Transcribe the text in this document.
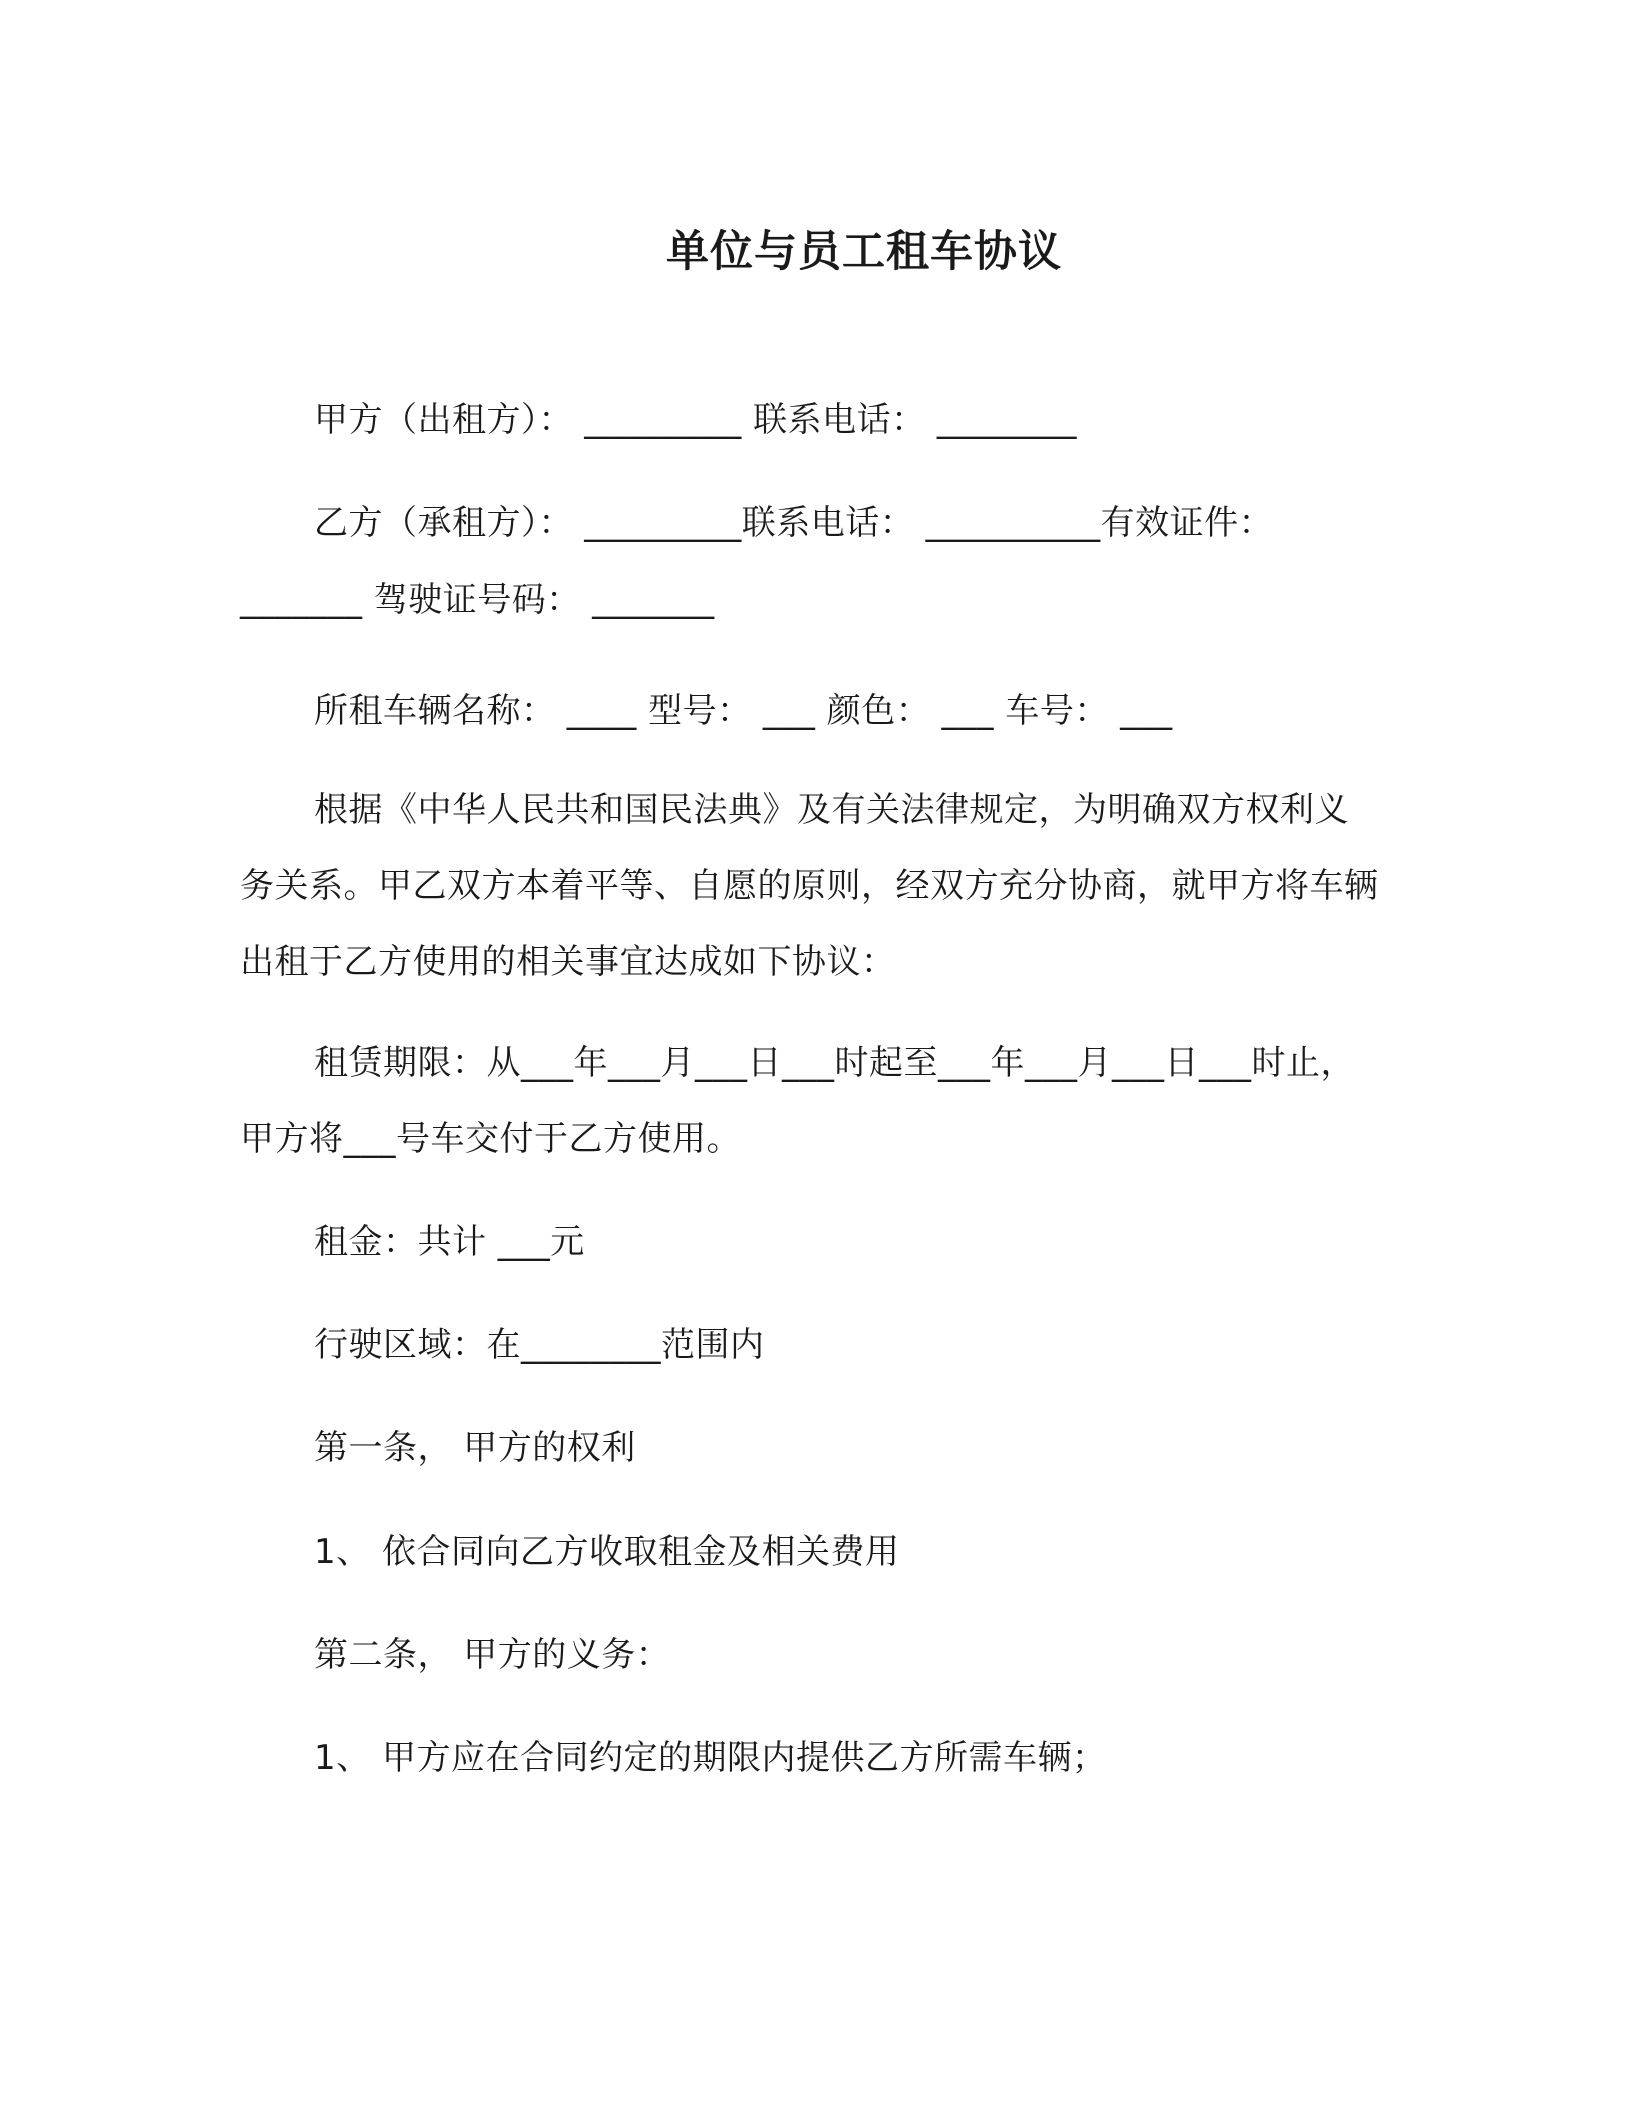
单位与员工租车协议
甲方（出租方）： _________ 联系电话： ________
乙方（承租方）： _________联系电话： __________有效证件：
_______ 驾驶证号码： _______
所租车辆名称： ____ 型号： ___ 颜色： ___ 车号： ___
根据《中华人民共和国民法典》及有关法律规定，为明确双方权利义务关系。甲乙双方本着平等、自愿的原则，经双方充分协商，就甲方将车辆出租于乙方使用的相关事宜达成如下协议：
租赁期限：从___年___月___日___时起至___年___月___日___时止，甲方将___号车交付于乙方使用。
租金：共计 ___元
行驶区域：在________范围内
第一条， 甲方的权利
1、 依合同向乙方收取租金及相关费用
第二条， 甲方的义务：
1、 甲方应在合同约定的期限内提供乙方所需车辆；
